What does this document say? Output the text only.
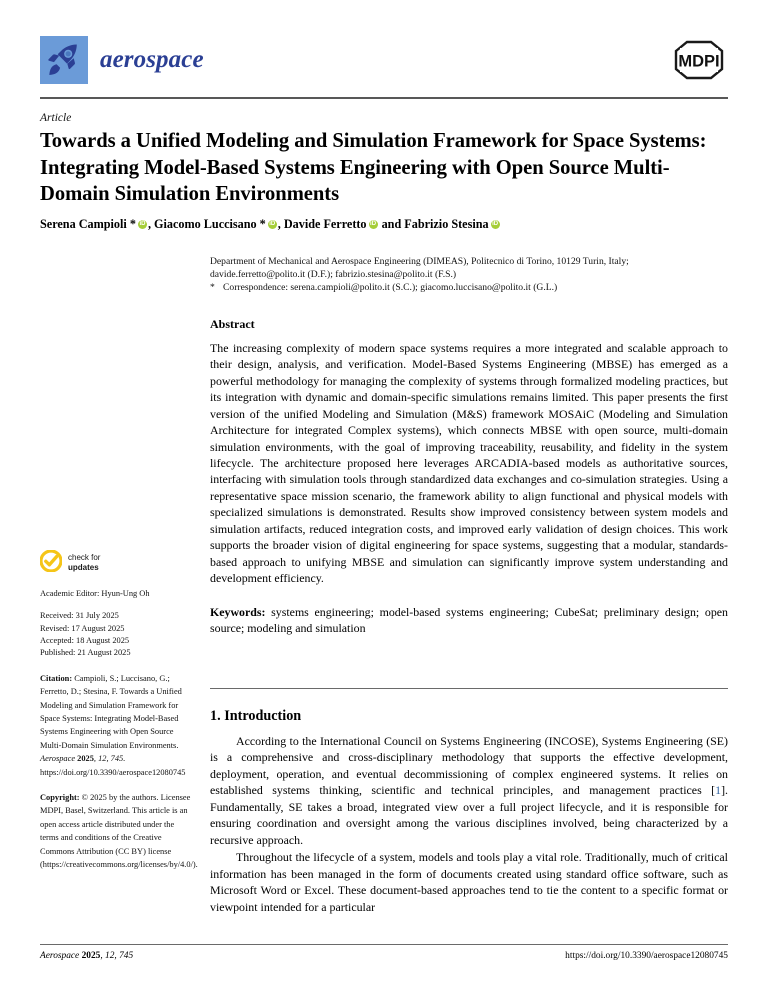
aerospace	MDPI
Article
Towards a Unified Modeling and Simulation Framework for Space Systems: Integrating Model-Based Systems Engineering with Open Source Multi-Domain Simulation Environments
Serena Campioli * iD , Giacomo Luccisano * iD , Davide FerrettoiD and Fabrizio StesinaiD
Department of Mechanical and Aerospace Engineering (DIMEAS), Politecnico di Torino, 10129 Turin, Italy;
davide.ferretto@polito.it (D.F.); fabrizio.stesina@polito.it (F.S.)
* Correspondence: serena.campioli@polito.it (S.C.); giacomo.luccisano@polito.it (G.L.)
Abstract
The increasing complexity of modern space systems requires a more integrated and scalable approach to their design, analysis, and verification. Model-Based Systems Engineering (MBSE) has emerged as a powerful methodology for managing the complexity of systems through formalized modeling practices, but its integration with dynamic and domain-specific simulations remains limited. This paper presents the first version of the unified Modeling and Simulation (M&S) framework MOSAiC (Modeling and Simulation Architecture for integrated Complex systems), which connects MBSE with open source, multi-domain simulation environments, with the goal of improving traceability, reusability, and fidelity in the system lifecycle. The architecture proposed here leverages ARCADIA-based models as authoritative sources, interfacing with simulation tools through standardized data exchanges and co-simulation strategies. Using a representative space mission scenario, the framework ability to align functional and physical models with specialized simulations is demonstrated. Results show improved consistency between system models and simulation artifacts, reduced integration costs, and improved early validation of design choices. This work supports the broader vision of digital engineering for space systems, suggesting that a modular, standards-based approach to unifying MBSE and simulation can significantly improve system understanding and development efficiency.
Keywords: systems engineering; model-based systems engineering; CubeSat; preliminary design; open source; modeling and simulation
1. Introduction

According to the International Council on Systems Engineering (INCOSE), Systems Engineering (SE) is a comprehensive and cross-disciplinary methodology that supports the effective development, deployment, operation, and eventual decommissioning of complex engineered systems. It relies on established systems thinking, scientific and technical principles, and management practices [1]. Fundamentally, SE takes a broad, integrated view over a full project lifecycle, and it is responsible for ensuring coordination and oversight among the various disciplines involved, being characterized by a recursive approach.

Throughout the lifecycle of a system, models and tools play a vital role. Traditionally, much of critical information has been managed in the form of documents created using standard office software, such as Microsoft Word or Excel. These document-based approaches tend to tie the content to a specific format or viewpoint intended for a particular

check for
updates
Academic Editor: Hyun-Ung Oh
Received: 31 July 2025
Revised: 17 August 2025
Accepted: 18 August 2025
Published: 21 August 2025
Citation: Campioli, S.; Luccisano, G.; Ferretto, D.; Stesina, F. Towards a Unified Modeling and Simulation Framework for Space Systems: Integrating Model-Based Systems Engineering with Open Source Multi-Domain Simulation Environments. Aerospace 2025, 12, 745. https://doi.org/10.3390/aerospace12080745
Copyright: © 2025 by the authors. Licensee MDPI, Basel, Switzerland. This article is an open access article distributed under the terms and conditions of the Creative Commons Attribution (CC BY) license (https://creativecommons.org/licenses/by/4.0/).
Aerospace 2025, 12, 745	https://doi.org/10.3390/aerospace12080745
